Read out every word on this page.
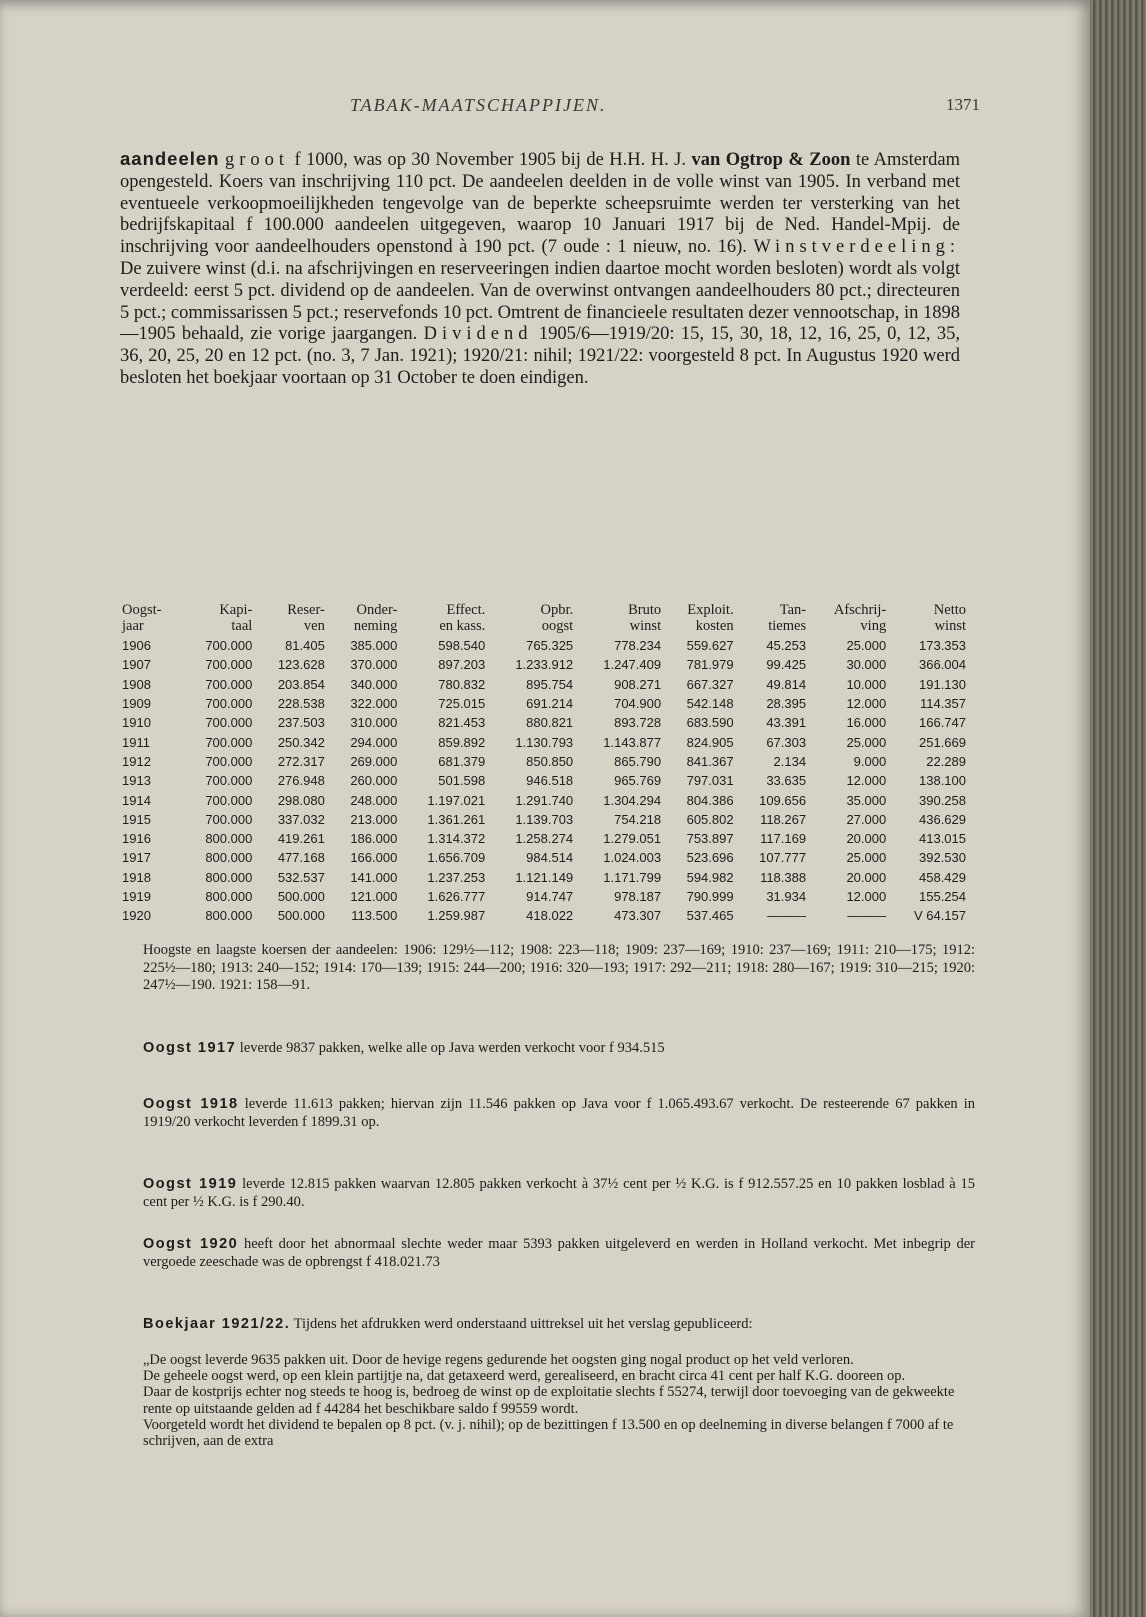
TABAK-MAATSCHAPPIJEN.	1371

aandeelen groot f 1000, was op 30 November 1905 bij de H.H. H. J. van Ogtrop & Zoon te Amsterdam opengesteld. Koers van inschrijving 110 pct. De aandeelen deelden in de volle winst van 1905. In verband met eventueele verkoopmoeilijkheden tengevolge van de beperkte scheepsruimte werden ter versterking van het bedrijfskapitaal f 100.000 aandeelen uitgegeven, waarop 10 Januari 1917 bij de Ned. Handel-Mpij. de inschrijving voor aandeelhouders openstond à 190 pct. (7 oude : 1 nieuw, no. 16). Winstverdeeling: De zuivere winst (d.i. na afschrijvingen en reserveeringen indien daartoe mocht worden besloten) wordt als volgt verdeeld: eerst 5 pct. dividend op de aandeelen. Van de overwinst ontvangen aandeelhouders 80 pct.; directeuren 5 pct.; commissarissen 5 pct.; reservefonds 10 pct. Omtrent de financieele resultaten dezer vennootschap, in 1898—1905 behaald, zie vorige jaargangen. Dividend 1905/6—1919/20: 15, 15, 30, 18, 12, 16, 25, 0, 12, 35, 36, 20, 25, 20 en 12 pct. (no. 3, 7 Jan. 1921); 1920/21: nihil; 1921/22: voorgesteld 8 pct. In Augustus 1920 werd besloten het boekjaar voortaan op 31 October te doen eindigen.

Oogst-	Kapi-	Reser-	Onder-	Effect.	Opbr.	Bruto	Exploit.	Tan-	Afschrij-	Netto
jaar	taal	ven	neming	en kass.	oogst	winst	kosten	tiemes	ving	winst
1906	700.000	81.405	385.000	598.540	765.325	778.234	559.627	45.253	25.000	173.353
1907	700.000	123.628	370.000	897.203	1.233.912	1.247.409	781.979	99.425	30.000	366.004
1908	700.000	203.854	340.000	780.832	895.754	908.271	667.327	49.814	10.000	191.130
1909	700.000	228.538	322.000	725.015	691.214	704.900	542.148	28.395	12.000	114.357
1910	700.000	237.503	310.000	821.453	880.821	893.728	683.590	43.391	16.000	166.747
1911	700.000	250.342	294.000	859.892	1.130.793	1.143.877	824.905	67.303	25.000	251.669
1912	700.000	272.317	269.000	681.379	850.850	865.790	841.367	2.134	9.000	22.289
1913	700.000	276.948	260.000	501.598	946.518	965.769	797.031	33.635	12.000	138.100
1914	700.000	298.080	248.000	1.197.021	1.291.740	1.304.294	804.386	109.656	35.000	390.258
1915	700.000	337.032	213.000	1.361.261	1.139.703	754.218	605.802	118.267	27.000	436.629
1916	800.000	419.261	186.000	1.314.372	1.258.274	1.279.051	753.897	117.169	20.000	413.015
1917	800.000	477.168	166.000	1.656.709	984.514	1.024.003	523.696	107.777	25.000	392.530
1918	800.000	532.537	141.000	1.237.253	1.121.149	1.171.799	594.982	118.388	20.000	458.429
1919	800.000	500.000	121.000	1.626.777	914.747	978.187	790.999	31.934	12.000	155.254
1920	800.000	500.000	113.500	1.259.987	418.022	473.307	537.465	———	———	V 64.157

Hoogste en laagste koersen der aandeelen: 1906: 129½—112; 1908: 223—118; 1909: 237—169; 1910: 237—169; 1911: 210—175; 1912: 225½—180; 1913: 240—152; 1914: 170—139; 1915: 244—200; 1916: 320—193; 1917: 292—211; 1918: 280—167; 1919: 310—215; 1920: 247½—190. 1921: 158—91.

Oogst 1917 leverde 9837 pakken, welke alle op Java werden verkocht voor f 934.515

Oogst 1918 leverde 11.613 pakken; hiervan zijn 11.546 pakken op Java voor f 1.065.493.67 verkocht. De resteerende 67 pakken in 1919/20 verkocht leverden f 1899.31 op.

Oogst 1919 leverde 12.815 pakken waarvan 12.805 pakken verkocht à 37½ cent per ½ K.G. is f 912.557.25 en 10 pakken losblad à 15 cent per ½ K.G. is f 290.40.

Oogst 1920 heeft door het abnormaal slechte weder maar 5393 pakken uitgeleverd en werden in Holland verkocht. Met inbegrip der vergoede zeeschade was de opbrengst f 418.021.73

Boekjaar 1921/22. Tijdens het afdrukken werd onderstaand uittreksel uit het verslag gepubliceerd:

„De oogst leverde 9635 pakken uit. Door de hevige regens gedurende het oogsten ging nogal product op het veld verloren.

De geheele oogst werd, op een klein partijtje na, dat getaxeerd werd, gerealiseerd, en bracht circa 41 cent per half K.G. dooreen op.

Daar de kostprijs echter nog steeds te hoog is, bedroeg de winst op de exploitatie slechts f 55274, terwijl door toevoeging van de gekweekte rente op uitstaande gelden ad f 44284 het beschikbare saldo f 99559 wordt.

Voorgeteld wordt het dividend te bepalen op 8 pct. (v. j. nihil); op de bezittingen f 13.500 en op deelneming in diverse belangen f 7000 af te schrijven, aan de extra
